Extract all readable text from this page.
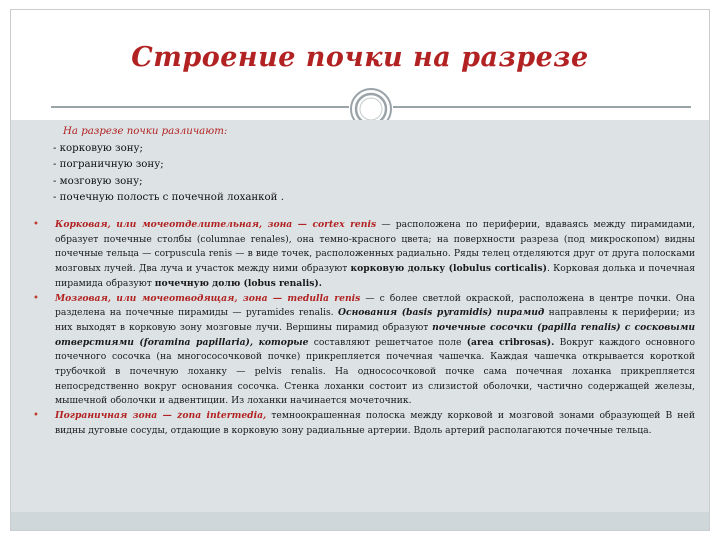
Строение почки на разрезе
На разрезе почки различают:
- корковую зону;
- пограничную зону;
- мозговую зону;
- почечную полость с почечной лоханкой .
• Корковая, или мочеотделительная, зона — cortex renis — расположена по периферии, вдаваясь между пирамидами, образует почечные столбы (columnae renales), она темно-красного цвета; на поверхности разреза (под микроскопом) видны почечные тельца — corpuscula renis — в виде точек, расположенных радиально. Ряды телец отделяются друг от друга полосками мозговых лучей. Два луча и участок между ними образуют корковую дольку (lobulus corticalis). Корковая долька и почечная пирамида образуют почечную долю (lobus renalis).
• Мозговая, или мочеотводящая, зона — medulla renis — с более светлой окраской, расположена в центре почки. Она разделена на почечные пирамиды — pyramides renalis. Основания (basis pyramidis) пирамид направлены к периферии; из них выходят в корковую зону мозговые лучи. Вершины пирамид образуют почечные сосочки (papilla renalis) с сосковыми отверстиями (foramina papillaria), которые составляют решетчатое поле (area cribrosas). Вокруг каждого основного почечного сосочка (на многососочковой почке) прикрепляется почечная чашечка. Каждая чашечка открывается короткой трубочкой в почечную лоханку — pelvis renalis. На однососочковой почке сама почечная лоханка прикрепляется непосредственно вокруг основания сосочка. Стенка лоханки состоит из слизистой оболочки, частично содержащей железы, мышечной оболочки и адвентиции. Из лоханки начинается мочеточник.
• Пограничная зона — zona intermedia, темноокрашенная полоска между корковой и мозговой зонами образующей В ней видны дуговые сосуды, отдающие в корковую зону радиальные артерии. Вдоль артерий располагаются почечные тельца.
